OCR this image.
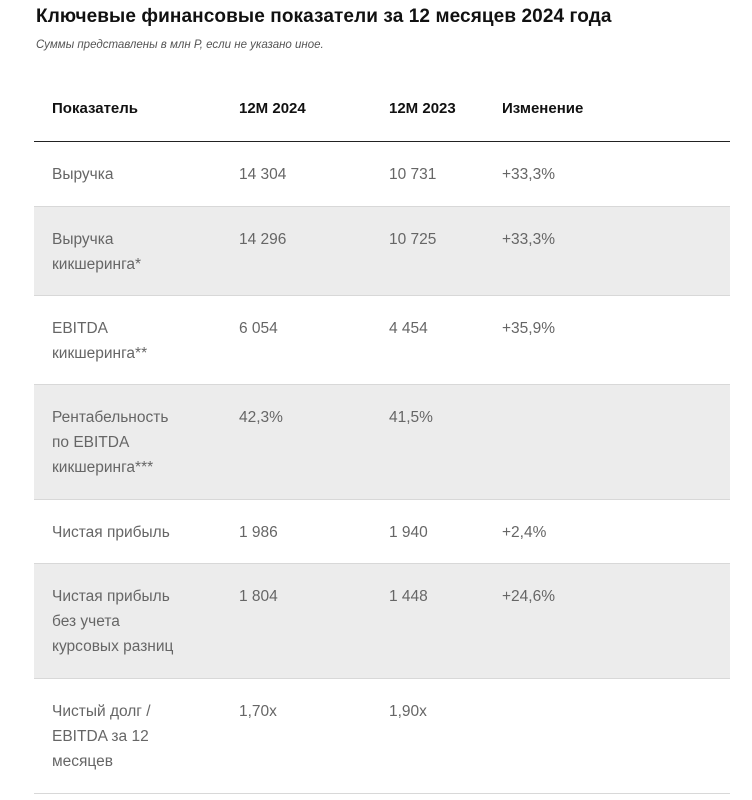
Ключевые финансовые показатели за 12 месяцев 2024 года
Суммы представлены в млн Р, если не указано иное.
Показатель	12М 2024	12М 2023	Изменение
Выручка	14 304	10 731	+33,3%
Выручка
кикшеринга*
14 296	10 725	+33,3%
EBITDA
кикшеринга**
6 054	4 454	+35,9%
Рентабельность
по EBITDA
кикшеринга***
42,3%	41,5%
Чистая прибыль	1 986	1 940	+2,4%
Чистая прибыль
без учета
курсовых разниц
1 804	1 448	+24,6%
Чистый долг /
EBITDA за 12
месяцев
1,70x	1,90x
